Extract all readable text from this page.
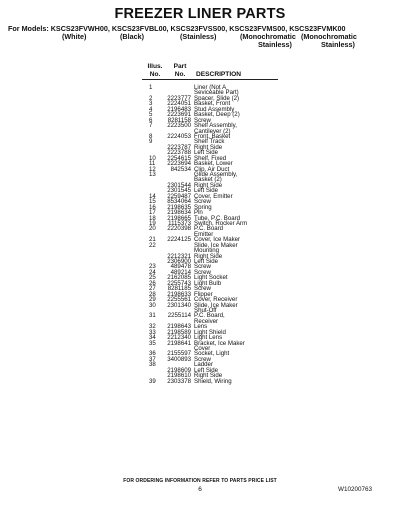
FREEZER LINER PARTS
For Models: KSCS23FVWH00, KSCS23FVBL00, KSCS23FVSS00, KSCS23FVMS00, KSCS23FVMK00
(White)	(Black)	(Stainless)	(Monochromatic
Stainless)
(Monochromatic
Stainless)
Illus.
No.
Part
No.	DESCRIPTION
1	Liner (Not A
Seviceable Part)
2 2223777 Spacer, Slide (2)
3 2224051 Basket, Front
4 2196483 Stud Assembly
5 2223691 Basket, Deep (2)
6	8281158 Screw
7 2223500 Shelf Assembly,
Cantilever (2)
8 2224053 Front, Basket
9	Shelf Track
2223787 Right Side
2223788 Left Side
10 2254615 Shelf, Fixed
11 2223694 Basket, Lower
12 842534 Clip, Air Duct
13	Glide Assembly,
Basket (2)
2301544 Right Side
2301545 Left Side
14 2259487 Cover, Emitter
15 8534064 Screw
16 2198635 Spring
17 2198634 Pin
18 2198665 Tube, P.C. Board
19 1115373 Switch, Rocker Arm
20 2220398 P.C. Board
Emitter
21 2224125 Cover, Ice Maker
22	Slide, Ice Maker
Mounting
2212321 Right Side
2306900 Left Side
23 489478 Screw
24 489214 Screw
25 2162085 Light Socket
26 2255743 Light Bulb
27 8281185 Screw
28 2198633 Flipper
29 2255561 Cover, Receiver
30 2301340 Slide, Ice Maker
Shut-Off
31 2255114 P.C. Board,
Receiver
32 2198643 Lens
33 2198589 Light Shield
34 2212340 Light Lens
35 2198641 Bracket, Ice Maker
Cover
36 2155597 Socket, Light
37 3400893 Screw
38	Ladder
2198609 Left Side
2198610 Right Side
39 2303378 Shield, Wiring
FOR ORDERING INFORMATION REFER TO PARTS PRICE LIST
6	W10200763
